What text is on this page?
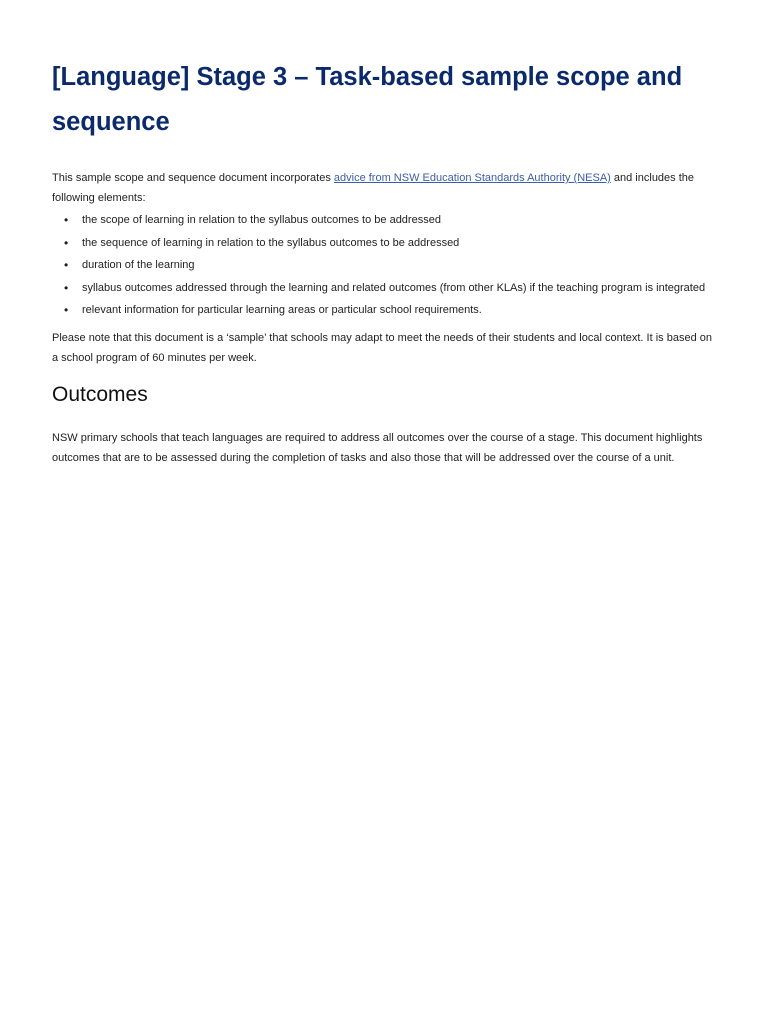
[Language] Stage 3 – Task-based sample scope and sequence

This sample scope and sequence document incorporates advice from NSW Education Standards Authority (NESA) and includes the following elements:

• the scope of learning in relation to the syllabus outcomes to be addressed
• the sequence of learning in relation to the syllabus outcomes to be addressed
• duration of the learning
• syllabus outcomes addressed through the learning and related outcomes (from other KLAs) if the teaching program is integrated
• relevant information for particular learning areas or particular school requirements.

Please note that this document is a ‘sample’ that schools may adapt to meet the needs of their students and local context. It is based on a school program of 60 minutes per week.

Outcomes

NSW primary schools that teach languages are required to address all outcomes over the course of a stage. This document highlights outcomes that are to be assessed during the completion of tasks and also those that will be addressed over the course of a unit.
